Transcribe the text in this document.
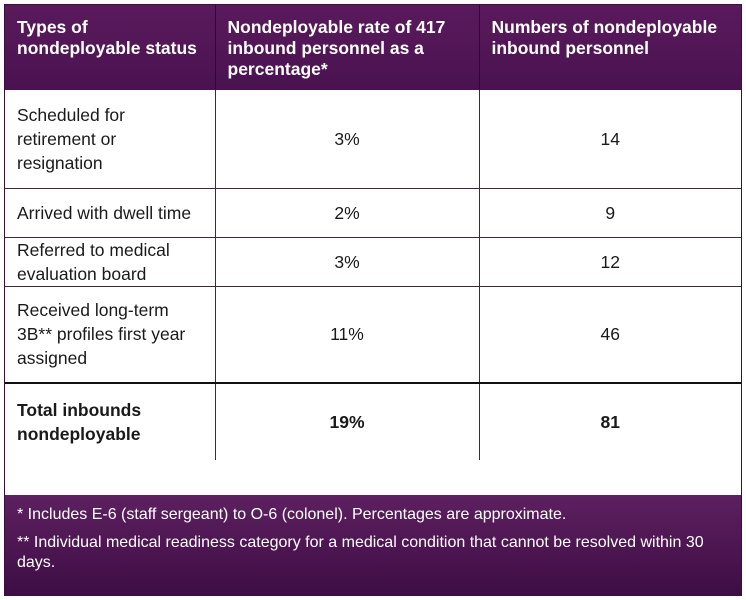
Types of nondeployable status	Nondeployable rate of 417 inbound personnel as a percentage*	Numbers of nondeployable inbound personnel
Scheduled for retirement or resignation	3%	14
Arrived with dwell time	2%	9
Referred to medical evaluation board	3%	12
Received long-term 3B** profiles first year assigned	11%	46
Total inbounds nondeployable	19%	81

* Includes E-6 (staff sergeant) to O-6 (colonel). Percentages are approximate.

** Individual medical readiness category for a medical condition that cannot be resolved within 30 days.
